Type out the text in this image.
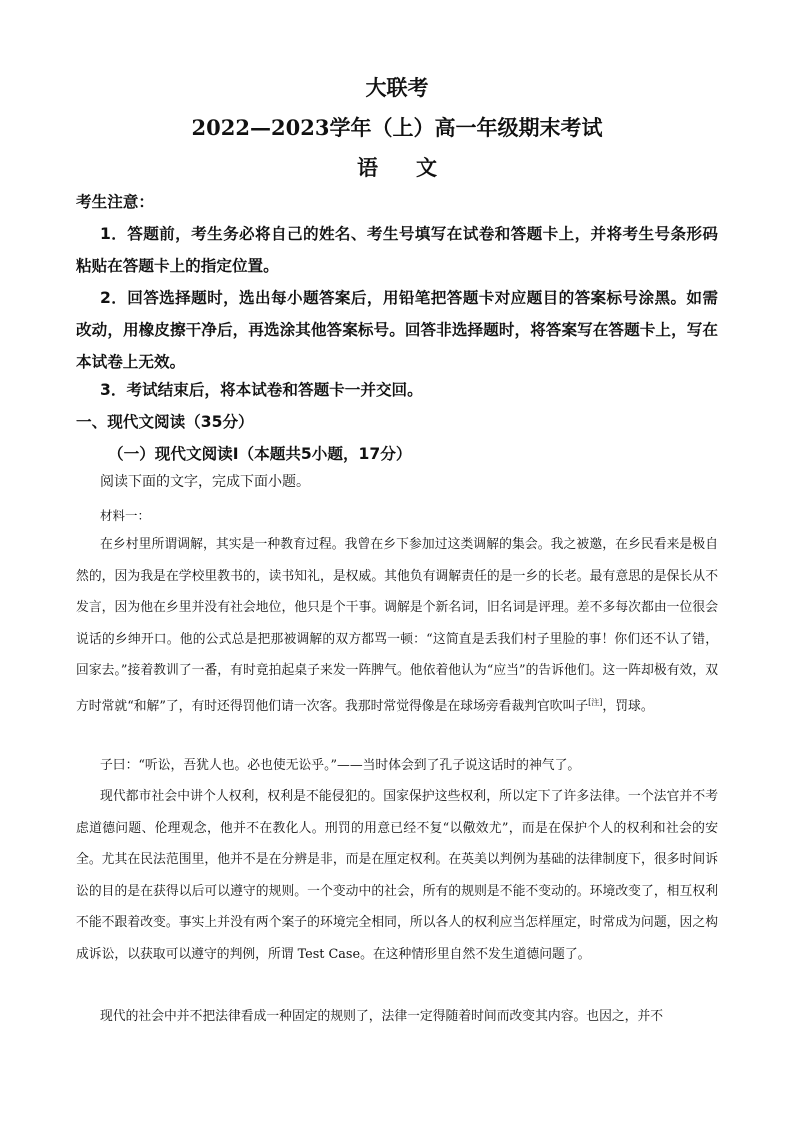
大联考
2022—2023学年（上）高一年级期末考试
语文

考生注意：

1．答题前，考生务必将自己的姓名、考生号填写在试卷和答题卡上，并将考生号条形码粘贴在答题卡上的指定位置。

2．回答选择题时，选出每小题答案后，用铅笔把答题卡对应题目的答案标号涂黑。如需改动，用橡皮擦干净后，再选涂其他答案标号。回答非选择题时，将答案写在答题卡上，写在本试卷上无效。

3．考试结束后，将本试卷和答题卡一并交回。

一、现代文阅读（35分）

（一）现代文阅读Ⅰ（本题共5小题，17分）

阅读下面的文字，完成下面小题。

材料一：

在乡村里所谓调解，其实是一种教育过程。我曾在乡下参加过这类调解的集会。我之被邀，在乡民看来是极自然的，因为我是在学校里教书的，读书知礼，是权威。其他负有调解责任的是一乡的长老。最有意思的是保长从不发言，因为他在乡里并没有社会地位，他只是个干事。调解是个新名词，旧名词是评理。差不多每次都由一位很会说话的乡绅开口。他的公式总是把那被调解的双方都骂一顿：“这简直是丢我们村子里脸的事！你们还不认了错，回家去。”接着教训了一番，有时竟拍起桌子来发一阵脾气。他依着他认为“应当”的告诉他们。这一阵却极有效，双方时常就“和解”了，有时还得罚他们请一次客。我那时常觉得像是在球场旁看裁判官吹叫子[注]，罚球。

子曰：“听讼，吾犹人也。必也使无讼乎。”——当时体会到了孔子说这话时的神气了。

现代都市社会中讲个人权利，权利是不能侵犯的。国家保护这些权利，所以定下了许多法律。一个法官并不考虑道德问题、伦理观念，他并不在教化人。刑罚的用意已经不复“以儆效尤”，而是在保护个人的权利和社会的安全。尤其在民法范围里，他并不是在分辨是非，而是在厘定权利。在英美以判例为基础的法律制度下，很多时间诉讼的目的是在获得以后可以遵守的规则。一个变动中的社会，所有的规则是不能不变动的。环境改变了，相互权利不能不跟着改变。事实上并没有两个案子的环境完全相同，所以各人的权利应当怎样厘定，时常成为问题，因之构成诉讼，以获取可以遵守的判例，所谓 Test Case。在这种情形里自然不发生道德问题了。

现代的社会中并不把法律看成一种固定的规则了，法律一定得随着时间而改变其内容。也因之，并不
